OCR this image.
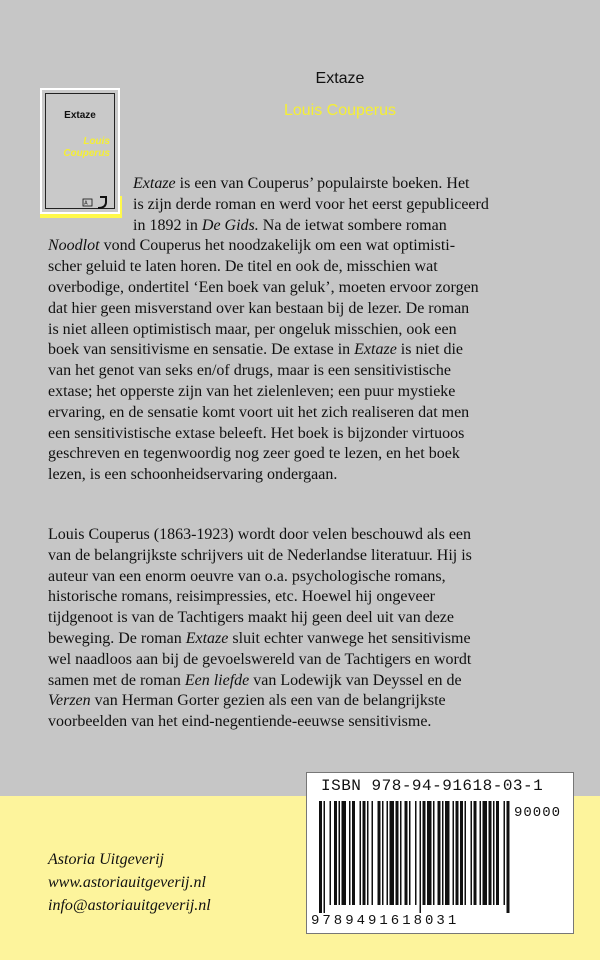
Extaze
Louis Couperus
Extaze
Louis
Couperus
A
Extaze is een van Couperus’ populairste boeken. Het
is zijn derde roman en werd voor het eerst gepubliceerd
in 1892 in De Gids. Na de ietwat sombere roman
Noodlot vond Couperus het noodzakelijk om een wat optimisti-
scher geluid te laten horen. De titel en ook de, misschien wat
overbodige, ondertitel ‘Een boek van geluk’, moeten ervoor zorgen
dat hier geen misverstand over kan bestaan bij de lezer. De roman
is niet alleen optimistisch maar, per ongeluk misschien, ook een
boek van sensitivisme en sensatie. De extase in Extaze is niet die
van het genot van seks en/of drugs, maar is een sensitivistische
extase; het opperste zijn van het zielenleven; een puur mystieke
ervaring, en de sensatie komt voort uit het zich realiseren dat men
een sensitivistische extase beleeft. Het boek is bijzonder virtuoos
geschreven en tegenwoordig nog zeer goed te lezen, en het boek
lezen, is een schoonheidservaring ondergaan.
Louis Couperus (1863-1923) wordt door velen beschouwd als een
van de belangrijkste schrijvers uit de Nederlandse literatuur. Hij is
auteur van een enorm oeuvre van o.a. psychologische romans,
historische romans, reisimpressies, etc. Hoewel hij ongeveer
tijdgenoot is van de Tachtigers maakt hij geen deel uit van deze
beweging. De roman Extaze sluit echter vanwege het sensitivisme
wel naadloos aan bij de gevoelswereld van de Tachtigers en wordt
samen met de roman Een liefde van Lodewijk van Deyssel en de
Verzen van Herman Gorter gezien als een van de belangrijkste
voorbeelden van het eind-negentiende-eeuwse sensitivisme.
Astoria Uitgeverij
www.astoriauitgeverij.nl
info@astoriauitgeverij.nl
ISBN 978-94-91618-03-1
90000
9789491618031
